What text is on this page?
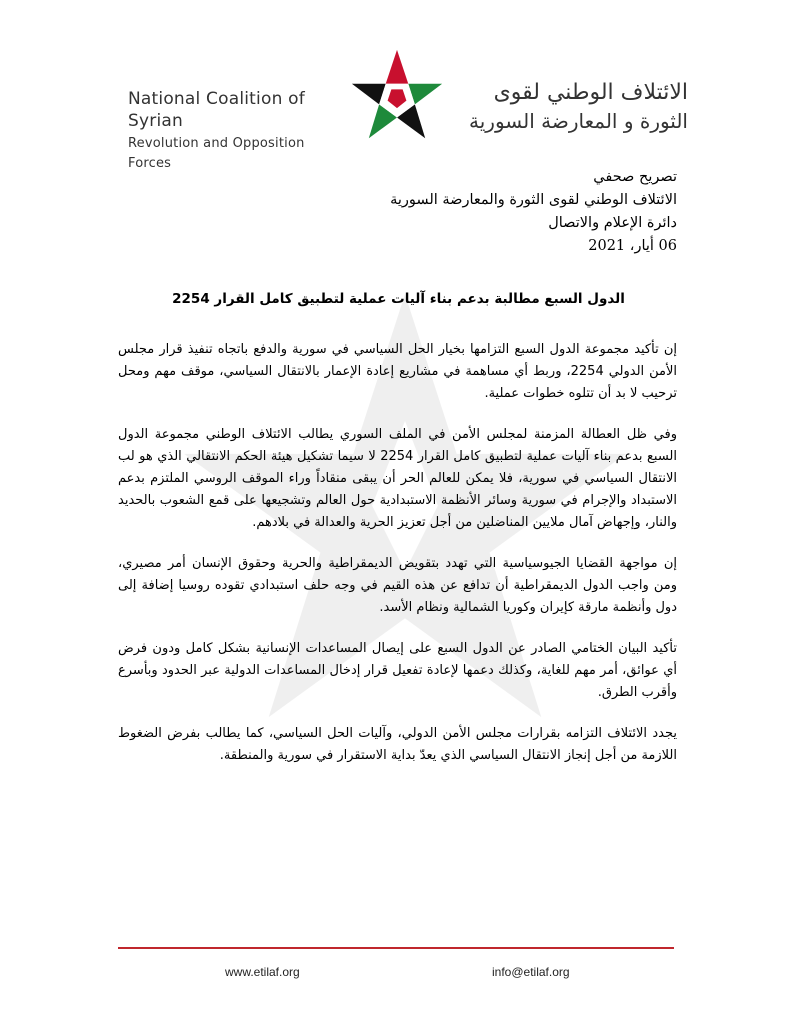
National Coalition of Syrian
Revolution and Opposition Forces
الائتلاف الوطني لقوى
الثورة و المعارضة السورية
تصريح صحفي
الائتلاف الوطني لقوى الثورة والمعارضة السورية
دائرة الإعلام والاتصال
06 أيار، 2021
الدول السبع مطالبة بدعم بناء آليات عملية لتطبيق كامل القرار 2254

إن تأكيد مجموعة الدول السبع التزامها بخيار الحل السياسي في سورية والدفع باتجاه تنفيذ قرار مجلس الأمن الدولي 2254، وربط أي مساهمة في مشاريع إعادة الإعمار بالانتقال السياسي، موقف مهم ومحل ترحيب لا بد أن تتلوه خطوات عملية.

وفي ظل العطالة المزمنة لمجلس الأمن في الملف السوري يطالب الائتلاف الوطني مجموعة الدول السبع بدعم بناء آليات عملية لتطبيق كامل القرار 2254 لا سيما تشكيل هيئة الحكم الانتقالي الذي هو لب الانتقال السياسي في سورية، فلا يمكن للعالم الحر أن يبقى منقاداً وراء الموقف الروسي الملتزم بدعم الاستبداد والإجرام في سورية وسائر الأنظمة الاستبدادية حول العالم وتشجيعها على قمع الشعوب بالحديد والنار، وإجهاض آمال ملايين المناضلين من أجل تعزيز الحرية والعدالة في بلادهم.

إن مواجهة القضايا الجيوسياسية التي تهدد بتقويض الديمقراطية والحرية وحقوق الإنسان أمر مصيري، ومن واجب الدول الديمقراطية أن تدافع عن هذه القيم في وجه حلف استبدادي تقوده روسيا إضافة إلى دول وأنظمة مارقة كإيران وكوريا الشمالية ونظام الأسد.

تأكيد البيان الختامي الصادر عن الدول السبع على إيصال المساعدات الإنسانية بشكل كامل ودون فرض أي عوائق، أمر مهم للغاية، وكذلك دعمها لإعادة تفعيل قرار إدخال المساعدات الدولية عبر الحدود وبأسرع وأقرب الطرق.

يجدد الائتلاف التزامه بقرارات مجلس الأمن الدولي، وآليات الحل السياسي، كما يطالب بفرض الضغوط اللازمة من أجل إنجاز الانتقال السياسي الذي يعدّ بداية الاستقرار في سورية والمنطقة.

www.etilaf.org	info@etilaf.org
